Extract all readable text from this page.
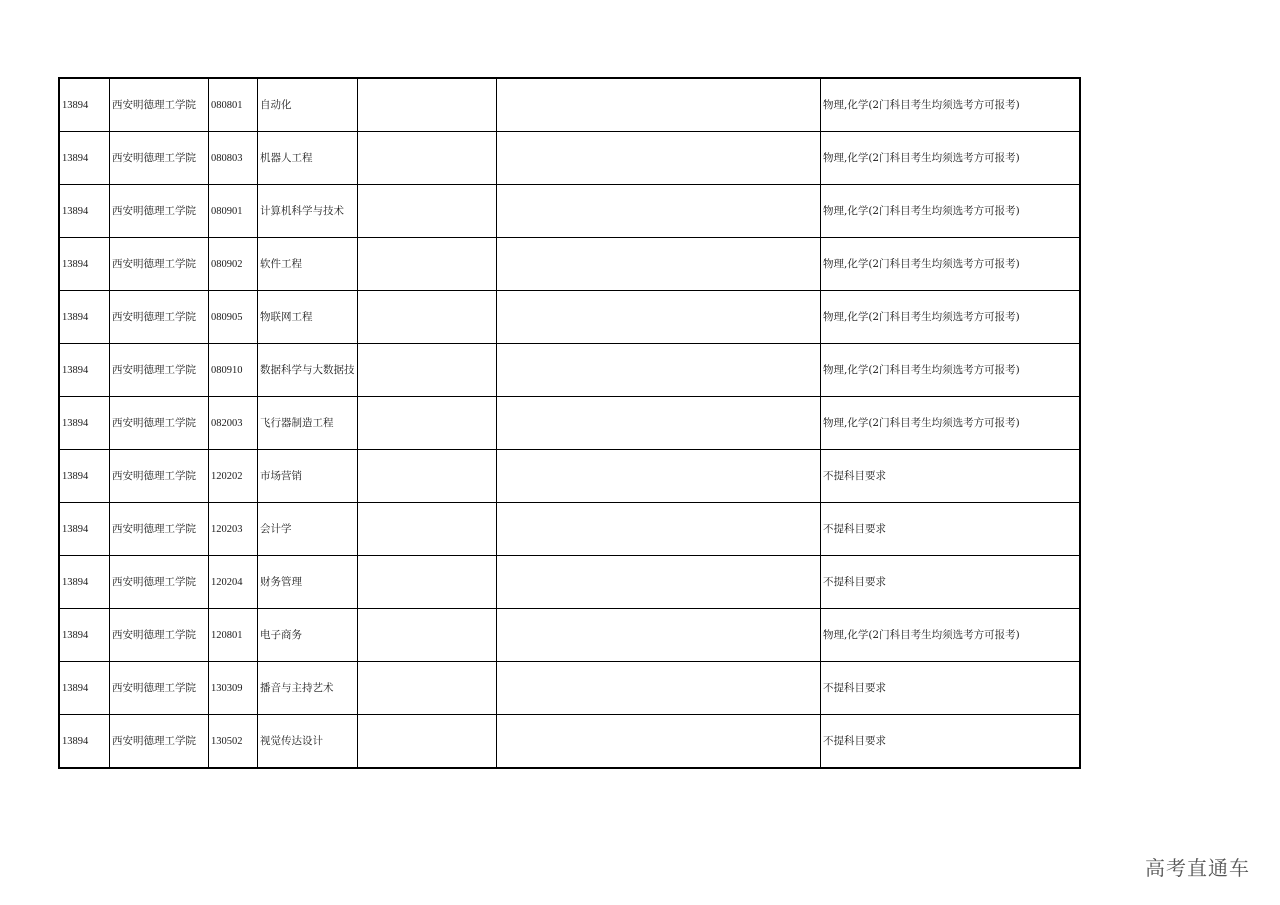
13894	西安明德理工学院	080801	自动化			物理,化学(2门科目考生均须选考方可报考)
13894	西安明德理工学院	080803	机器人工程			物理,化学(2门科目考生均须选考方可报考)
13894	西安明德理工学院	080901	计算机科学与技术			物理,化学(2门科目考生均须选考方可报考)
13894	西安明德理工学院	080902	软件工程			物理,化学(2门科目考生均须选考方可报考)
13894	西安明德理工学院	080905	物联网工程			物理,化学(2门科目考生均须选考方可报考)
13894	西安明德理工学院	080910	数据科学与大数据技			物理,化学(2门科目考生均须选考方可报考)
13894	西安明德理工学院	082003	飞行器制造工程			物理,化学(2门科目考生均须选考方可报考)
13894	西安明德理工学院	120202	市场营销			不提科目要求
13894	西安明德理工学院	120203	会计学			不提科目要求
13894	西安明德理工学院	120204	财务管理			不提科目要求
13894	西安明德理工学院	120801	电子商务			物理,化学(2门科目考生均须选考方可报考)
13894	西安明德理工学院	130309	播音与主持艺术			不提科目要求
13894	西安明德理工学院	130502	视觉传达设计			不提科目要求
高考直通车
